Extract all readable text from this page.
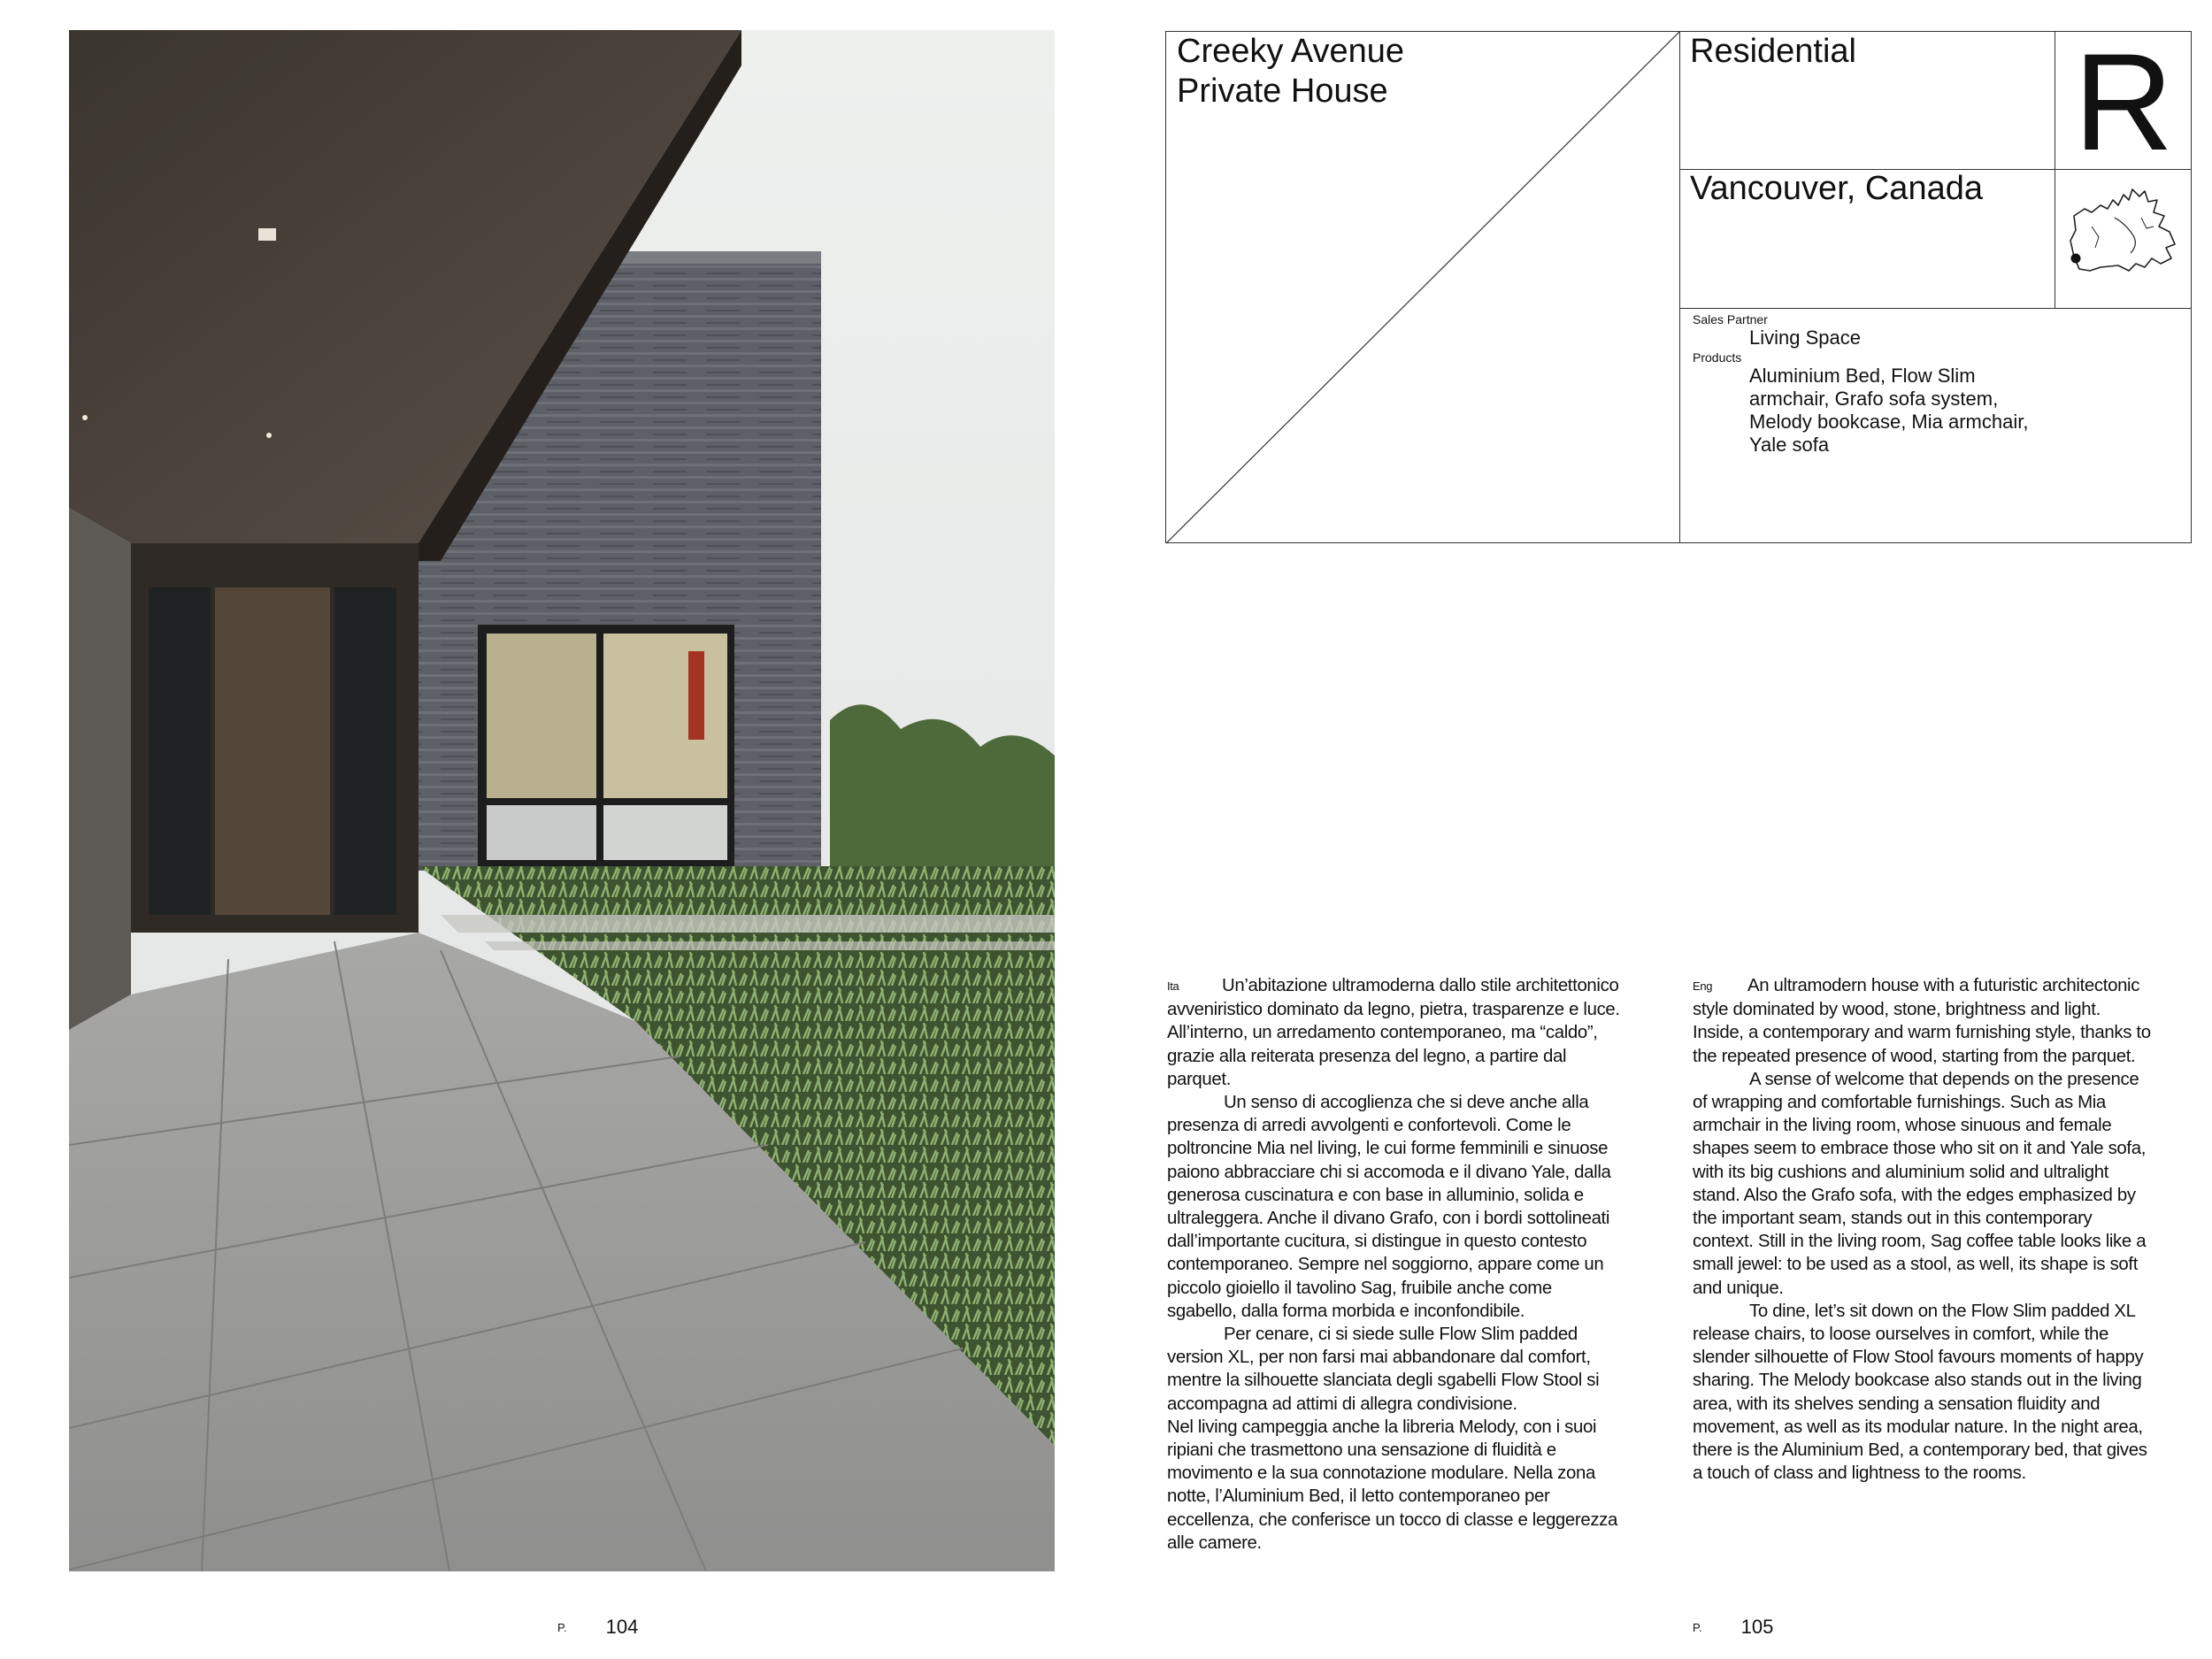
P. 104
Creeky Avenue
Private House
Residential R
Vancouver, Canada
Sales Partner
Living Space
Products
Aluminium Bed, Flow Slim
armchair, Grafo sofa system,
Melody bookcase, Mia armchair,
Yale sofa

Ita Un’abitazione ultramoderna dallo stile architettonico avveniristico dominato da legno, pietra, trasparenze e luce. All’interno, un arredamento contemporaneo, ma “caldo”, grazie alla reiterata presenza del legno, a partire dal parquet.

Un senso di accoglienza che si deve anche alla presenza di arredi avvolgenti e confortevoli. Come le poltroncine Mia nel living, le cui forme femminili e sinuose paiono abbracciare chi si accomoda e il divano Yale, dalla generosa cuscinatura e con base in alluminio, solida e ultraleggera. Anche il divano Grafo, con i bordi sottolineati dall’importante cucitura, si distingue in questo contesto contemporaneo. Sempre nel soggiorno, appare come un piccolo gioiello il tavolino Sag, fruibile anche come sgabello, dalla forma morbida e inconfondibile.

Per cenare, ci si siede sulle Flow Slim padded version XL, per non farsi mai abbandonare dal comfort, mentre la silhouette slanciata degli sgabelli Flow Stool si accompagna ad attimi di allegra condivisione.

Nel living campeggia anche la libreria Melody, con i suoi ripiani che trasmettono una sensazione di fluidità e movimento e la sua connotazione modulare. Nella zona notte, l’Aluminium Bed, il letto contemporaneo per eccellenza, che conferisce un tocco di classe e leggerezza alle camere.

Eng An ultramodern house with a futuristic architectonic style dominated by wood, stone, brightness and light. Inside, a contemporary and warm furnishing style, thanks to the repeated presence of wood, starting from the parquet.

A sense of welcome that depends on the presence of wrapping and comfortable furnishings. Such as Mia armchair in the living room, whose sinuous and female shapes seem to embrace those who sit on it and Yale sofa, with its big cushions and aluminium solid and ultralight stand. Also the Grafo sofa, with the edges emphasized by the important seam, stands out in this contemporary context. Still in the living room, Sag coffee table looks like a small jewel: to be used as a stool, as well, its shape is soft and unique.

To dine, let’s sit down on the Flow Slim padded XL release chairs, to loose ourselves in comfort, while the slender silhouette of Flow Stool favours moments of happy sharing. The Melody bookcase also stands out in the living area, with its shelves sending a sensation fluidity and movement, as well as its modular nature. In the night area, there is the Aluminium Bed, a contemporary bed, that gives a touch of class and lightness to the rooms.

P. 105
